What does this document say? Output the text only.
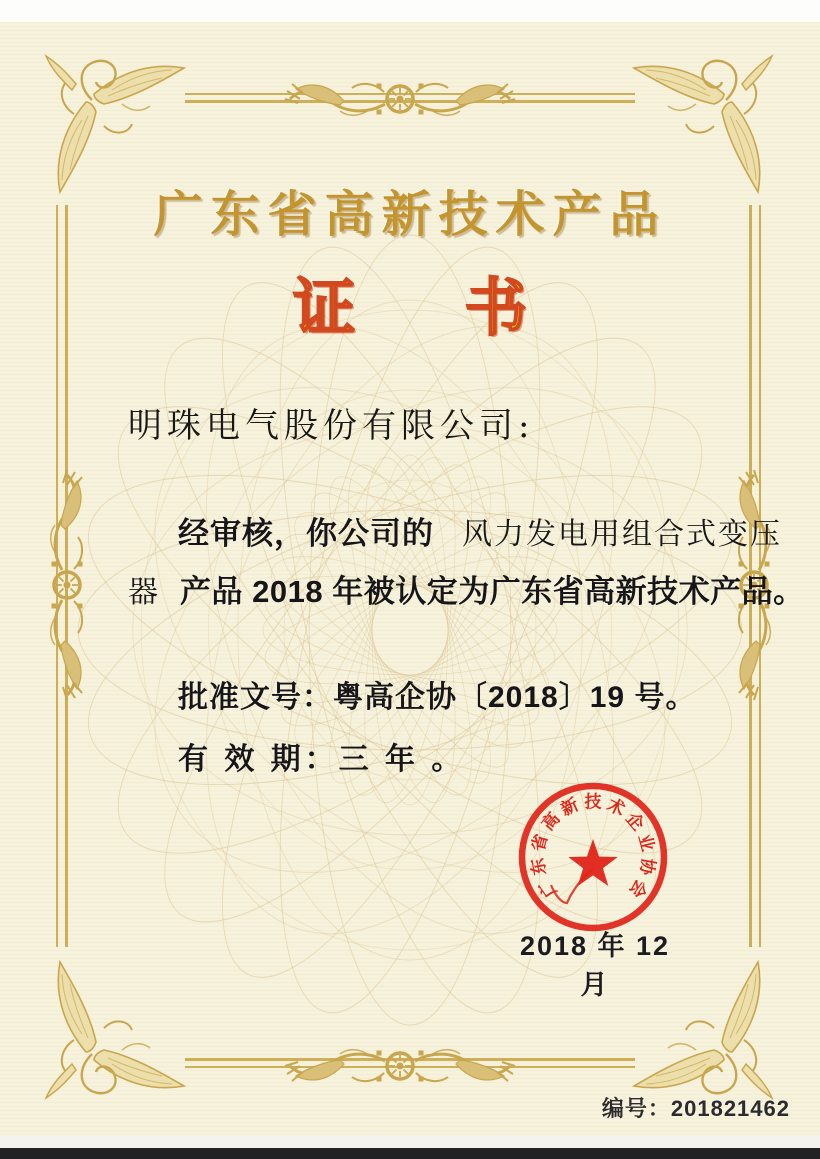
广东省高新技术产品
证 书
明珠电气股份有限公司:
经审核，你公司的 风力发电用组合式变压
器 产品 2018 年被认定为广东省高新技术产品。
批准文号：粤高企协〔2018〕19 号。
有 效 期：三 年 。
广
东
省
高
新 技 术
企
业
协
会
2018 年 12 月
编号：201821462
